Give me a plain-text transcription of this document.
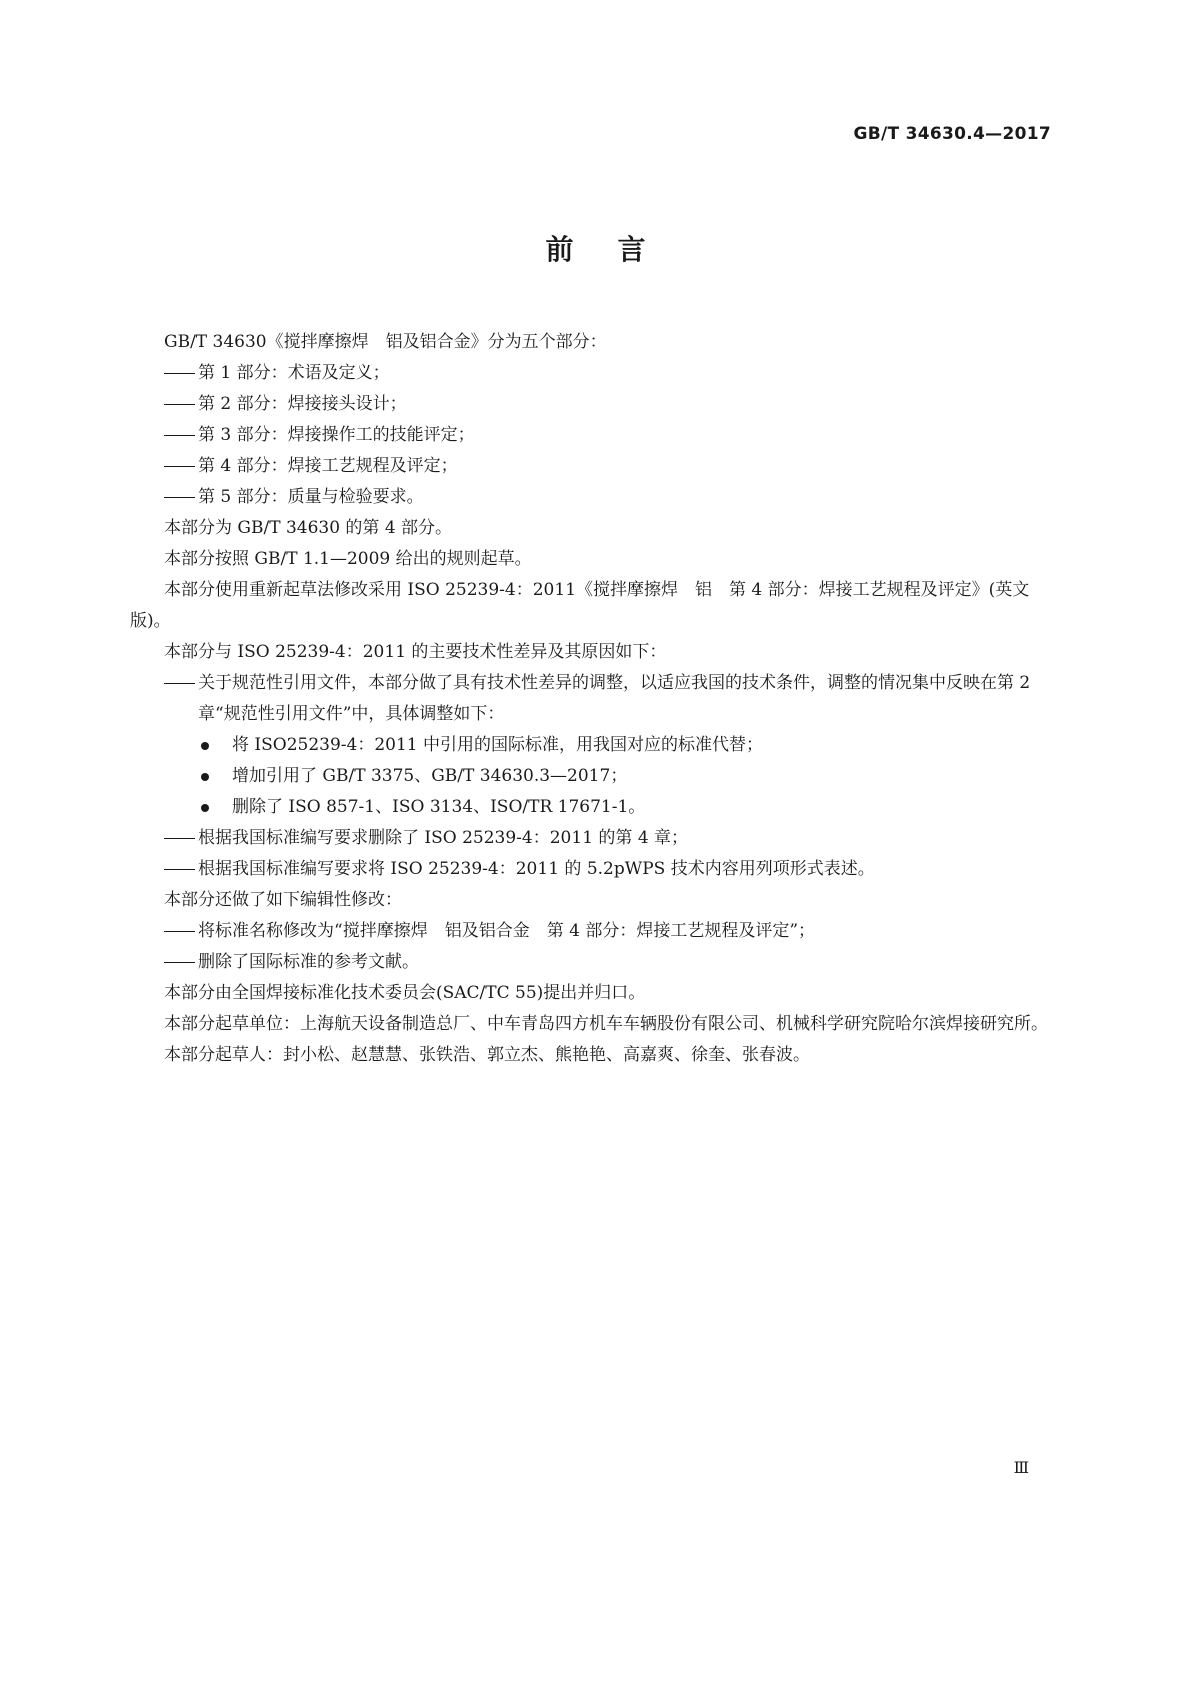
GB/T 34630.4—2017
前言

GB/T 34630《搅拌摩擦焊　铝及铝合金》分为五个部分：

第 1 部分：术语及定义；

第 2 部分：焊接接头设计；

第 3 部分：焊接操作工的技能评定；

第 4 部分：焊接工艺规程及评定；

第 5 部分：质量与检验要求。

本部分为 GB/T 34630 的第 4 部分。

本部分按照 GB/T 1.1—2009 给出的规则起草。

本部分使用重新起草法修改采用 ISO 25239-4：2011《搅拌摩擦焊　铝　第 4 部分：焊接工艺规程及评定》(英文版)。

本部分与 ISO 25239-4：2011 的主要技术性差异及其原因如下：

关于规范性引用文件，本部分做了具有技术性差异的调整，以适应我国的技术条件，调整的情况集中反映在第 2 章“规范性引用文件”中，具体调整如下：

将 ISO25239-4：2011 中引用的国际标准，用我国对应的标准代替；

增加引用了 GB/T 3375、GB/T 34630.3—2017；

删除了 ISO 857-1、ISO 3134、ISO/TR 17671-1。

根据我国标准编写要求删除了 ISO 25239-4：2011 的第 4 章；

根据我国标准编写要求将 ISO 25239-4：2011 的 5.2pWPS 技术内容用列项形式表述。

本部分还做了如下编辑性修改：

将标准名称修改为“搅拌摩擦焊　铝及铝合金　第 4 部分：焊接工艺规程及评定”；

删除了国际标准的参考文献。

本部分由全国焊接标准化技术委员会(SAC/TC 55)提出并归口。

本部分起草单位：上海航天设备制造总厂、中车青岛四方机车车辆股份有限公司、机械科学研究院哈尔滨焊接研究所。

本部分起草人：封小松、赵慧慧、张铁浩、郭立杰、熊艳艳、高嘉爽、徐奎、张春波。

Ⅲ
